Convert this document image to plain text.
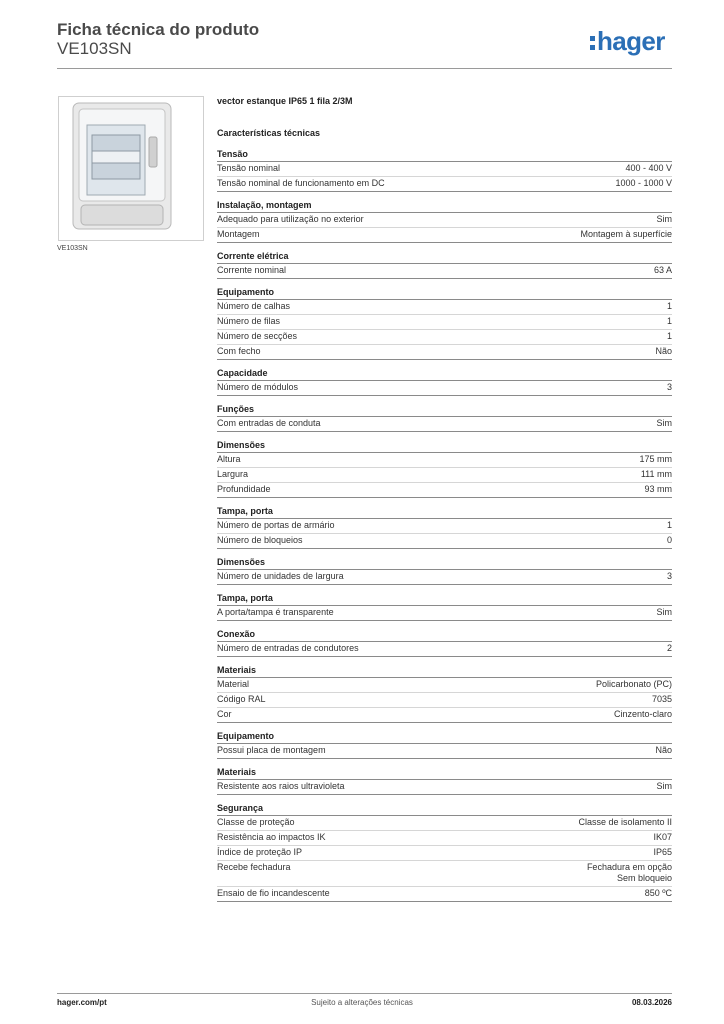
Ficha técnica do produto
VE103SN	hager
VE103SN
vector estanque IP65 1 fila 2/3M
Características técnicas
Tensão
Tensão nominal	400 - 400 V
Tensão nominal de funcionamento em DC	1000 - 1000 V
Instalação, montagem
Adequado para utilização no exterior	Sim
Montagem	Montagem à superfície
Corrente elétrica
Corrente nominal	63 A
Equipamento
Número de calhas	1
Número de filas	1
Número de secções	1
Com fecho	Não
Capacidade
Número de módulos	3
Funções
Com entradas de conduta	Sim
Dimensões
Altura	175 mm
Largura	111 mm
Profundidade	93 mm
Tampa, porta
Número de portas de armário	1
Número de bloqueios	0
Dimensões
Número de unidades de largura	3
Tampa, porta
A porta/tampa é transparente	Sim
Conexão
Número de entradas de condutores	2
Materiais
Material	Policarbonato (PC)
Código RAL	7035
Cor	Cinzento-claro
Equipamento
Possui placa de montagem	Não
Materiais
Resistente aos raios ultravioleta	Sim
Segurança
Classe de proteção	Classe de isolamento II
Resistência ao impactos IK	IK07
Índice de proteção IP	IP65
Recebe fechadura	Fechadura em opção
Sem bloqueio
Ensaio de fio incandescente	850 ºC
hager.com/pt	Sujeito a alterações técnicas	08.03.2026
